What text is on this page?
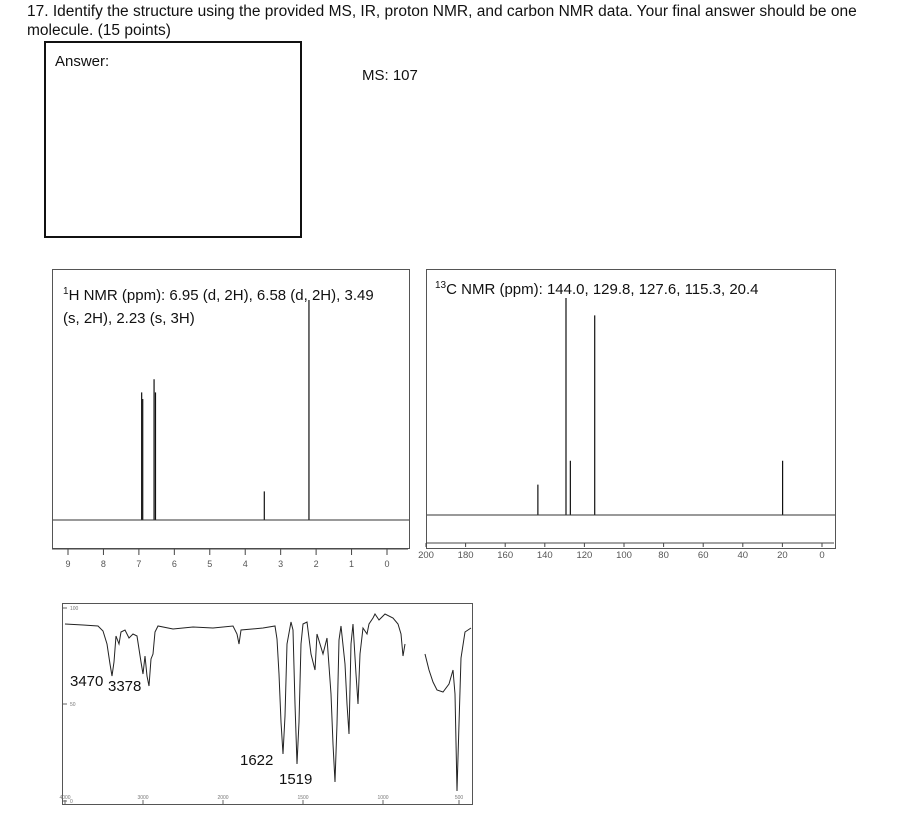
17. Identify the structure using the provided MS, IR, proton NMR, and carbon NMR data. Your final answer should be one molecule. (15 points)
Answer:
MS: 107
$^1$H NMR (ppm): 6.95 (d, 2H), 6.58 (d, 2H), 3.49 (s, 2H), 2.23 (s, 3H)
9	8	7	6	5	4	3	2	1	0
$^{13}$C NMR (ppm): 144.0, 129.8, 127.6, 115.3, 20.4
200 180 160 140 120 100	80	60	40	20	0
4000	3000	2000	1500	1000	500
0
50
100
3470 3378
1622
1519
